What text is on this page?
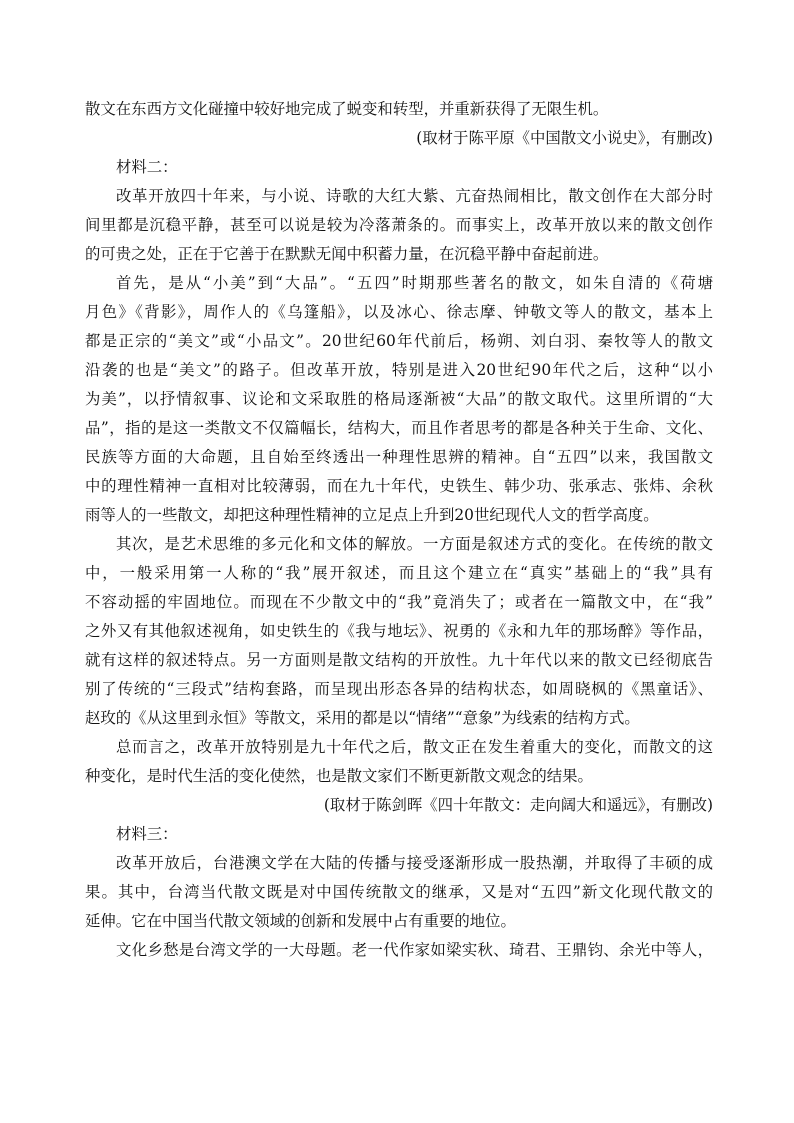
散文在东西方文化碰撞中较好地完成了蜕变和转型，并重新获得了无限生机。
(取材于陈平原《中国散文小说史》，有删改)
材料二：
改革开放四十年来，与小说、诗歌的大红大紫、亢奋热闹相比，散文创作在大部分时
间里都是沉稳平静，甚至可以说是较为冷落萧条的。而事实上，改革开放以来的散文创作
的可贵之处，正在于它善于在默默无闻中积蓄力量，在沉稳平静中奋起前进。
首先，是从“小美”到“大品”。“五四”时期那些著名的散文，如朱自清的《荷塘
月色》《背影》，周作人的《乌篷船》，以及冰心、徐志摩、钟敬文等人的散文，基本上
都是正宗的“美文”或“小品文”。20世纪60年代前后，杨朔、刘白羽、秦牧等人的散文
沿袭的也是“美文”的路子。但改革开放，特别是进入20世纪90年代之后，这种“以小
为美”，以抒情叙事、议论和文采取胜的格局逐渐被“大品”的散文取代。这里所谓的“大
品”，指的是这一类散文不仅篇幅长，结构大，而且作者思考的都是各种关于生命、文化、
民族等方面的大命题，且自始至终透出一种理性思辨的精神。自“五四”以来，我国散文
中的理性精神一直相对比较薄弱，而在九十年代，史铁生、韩少功、张承志、张炜、余秋
雨等人的一些散文，却把这种理性精神的立足点上升到20世纪现代人文的哲学高度。
其次，是艺术思维的多元化和文体的解放。一方面是叙述方式的变化。在传统的散文
中，一般采用第一人称的“我”展开叙述，而且这个建立在“真实”基础上的“我”具有
不容动摇的牢固地位。而现在不少散文中的“我”竟消失了；或者在一篇散文中，在“我”
之外又有其他叙述视角，如史铁生的《我与地坛》、祝勇的《永和九年的那场醉》等作品，
就有这样的叙述特点。另一方面则是散文结构的开放性。九十年代以来的散文已经彻底告
别了传统的“三段式”结构套路，而呈现出形态各异的结构状态，如周晓枫的《黑童话》、
赵玫的《从这里到永恒》等散文，采用的都是以“情绪”“意象”为线索的结构方式。
总而言之，改革开放特别是九十年代之后，散文正在发生着重大的变化，而散文的这
种变化，是时代生活的变化使然，也是散文家们不断更新散文观念的结果。
(取材于陈剑晖《四十年散文：走向阔大和遥远》，有删改)
材料三：
改革开放后，台港澳文学在大陆的传播与接受逐渐形成一股热潮，并取得了丰硕的成
果。其中，台湾当代散文既是对中国传统散文的继承，又是对“五四”新文化现代散文的
延伸。它在中国当代散文领域的创新和发展中占有重要的地位。
文化乡愁是台湾文学的一大母题。老一代作家如梁实秋、琦君、王鼎钧、余光中等人，
